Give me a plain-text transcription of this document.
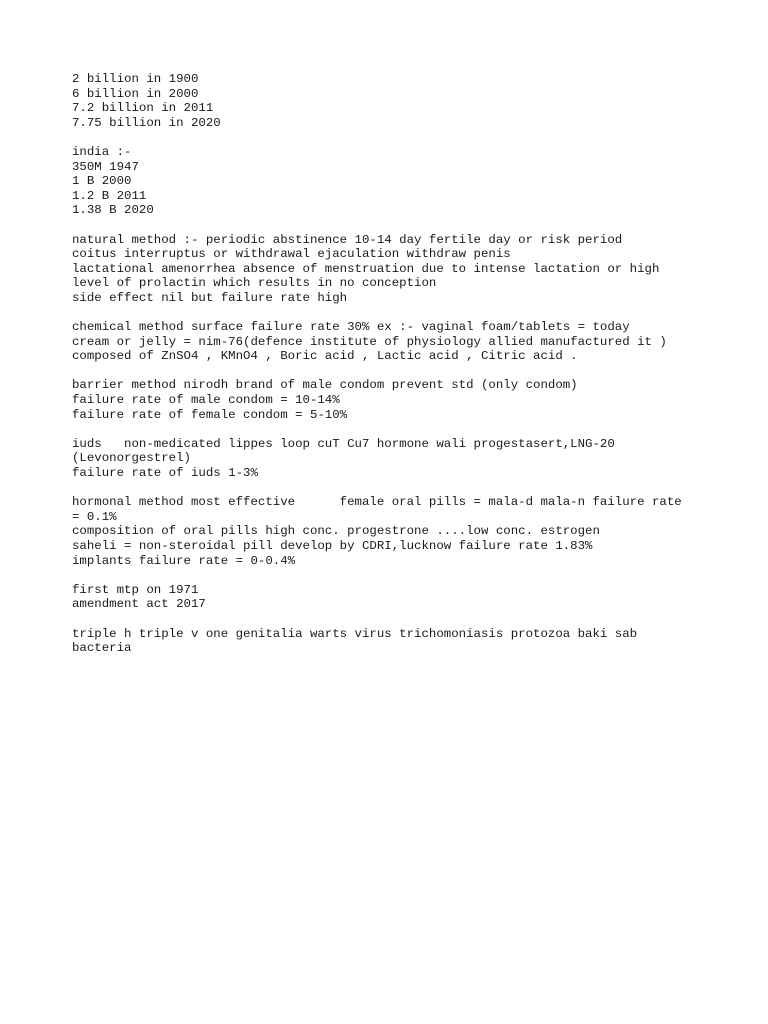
2 billion in 1900
6 billion in 2000
7.2 billion in 2011
7.75 billion in 2020
india :-
350M 1947
1 B 2000
1.2 B 2011
1.38 B 2020
natural method :- periodic abstinence 10-14 day fertile day or risk period
coitus interruptus or withdrawal ejaculation withdraw penis
lactational amenorrhea absence of menstruation due to intense lactation or high
level of prolactin which results in no conception
side effect nil but failure rate high
chemical method surface failure rate 30% ex :- vaginal foam/tablets = today
cream or jelly = nim-76(defence institute of physiology allied manufactured it )
composed of ZnSO4 , KMnO4 , Boric acid , Lactic acid , Citric acid .
barrier method nirodh brand of male condom prevent std (only condom)
failure rate of male condom = 10-14%
failure rate of female condom = 5-10%
iuds   non-medicated lippes loop cuT Cu7 hormone wali progestasert,LNG-20
(Levonorgestrel)
failure rate of iuds 1-3%
hormonal method most effective      female oral pills = mala-d mala-n failure rate
= 0.1%
composition of oral pills high conc. progestrone ....low conc. estrogen
saheli = non-steroidal pill develop by CDRI,lucknow failure rate 1.83%
implants failure rate = 0-0.4%
first mtp on 1971
amendment act 2017
triple h triple v one genitalia warts virus trichomoniasis protozoa baki sab
bacteria
